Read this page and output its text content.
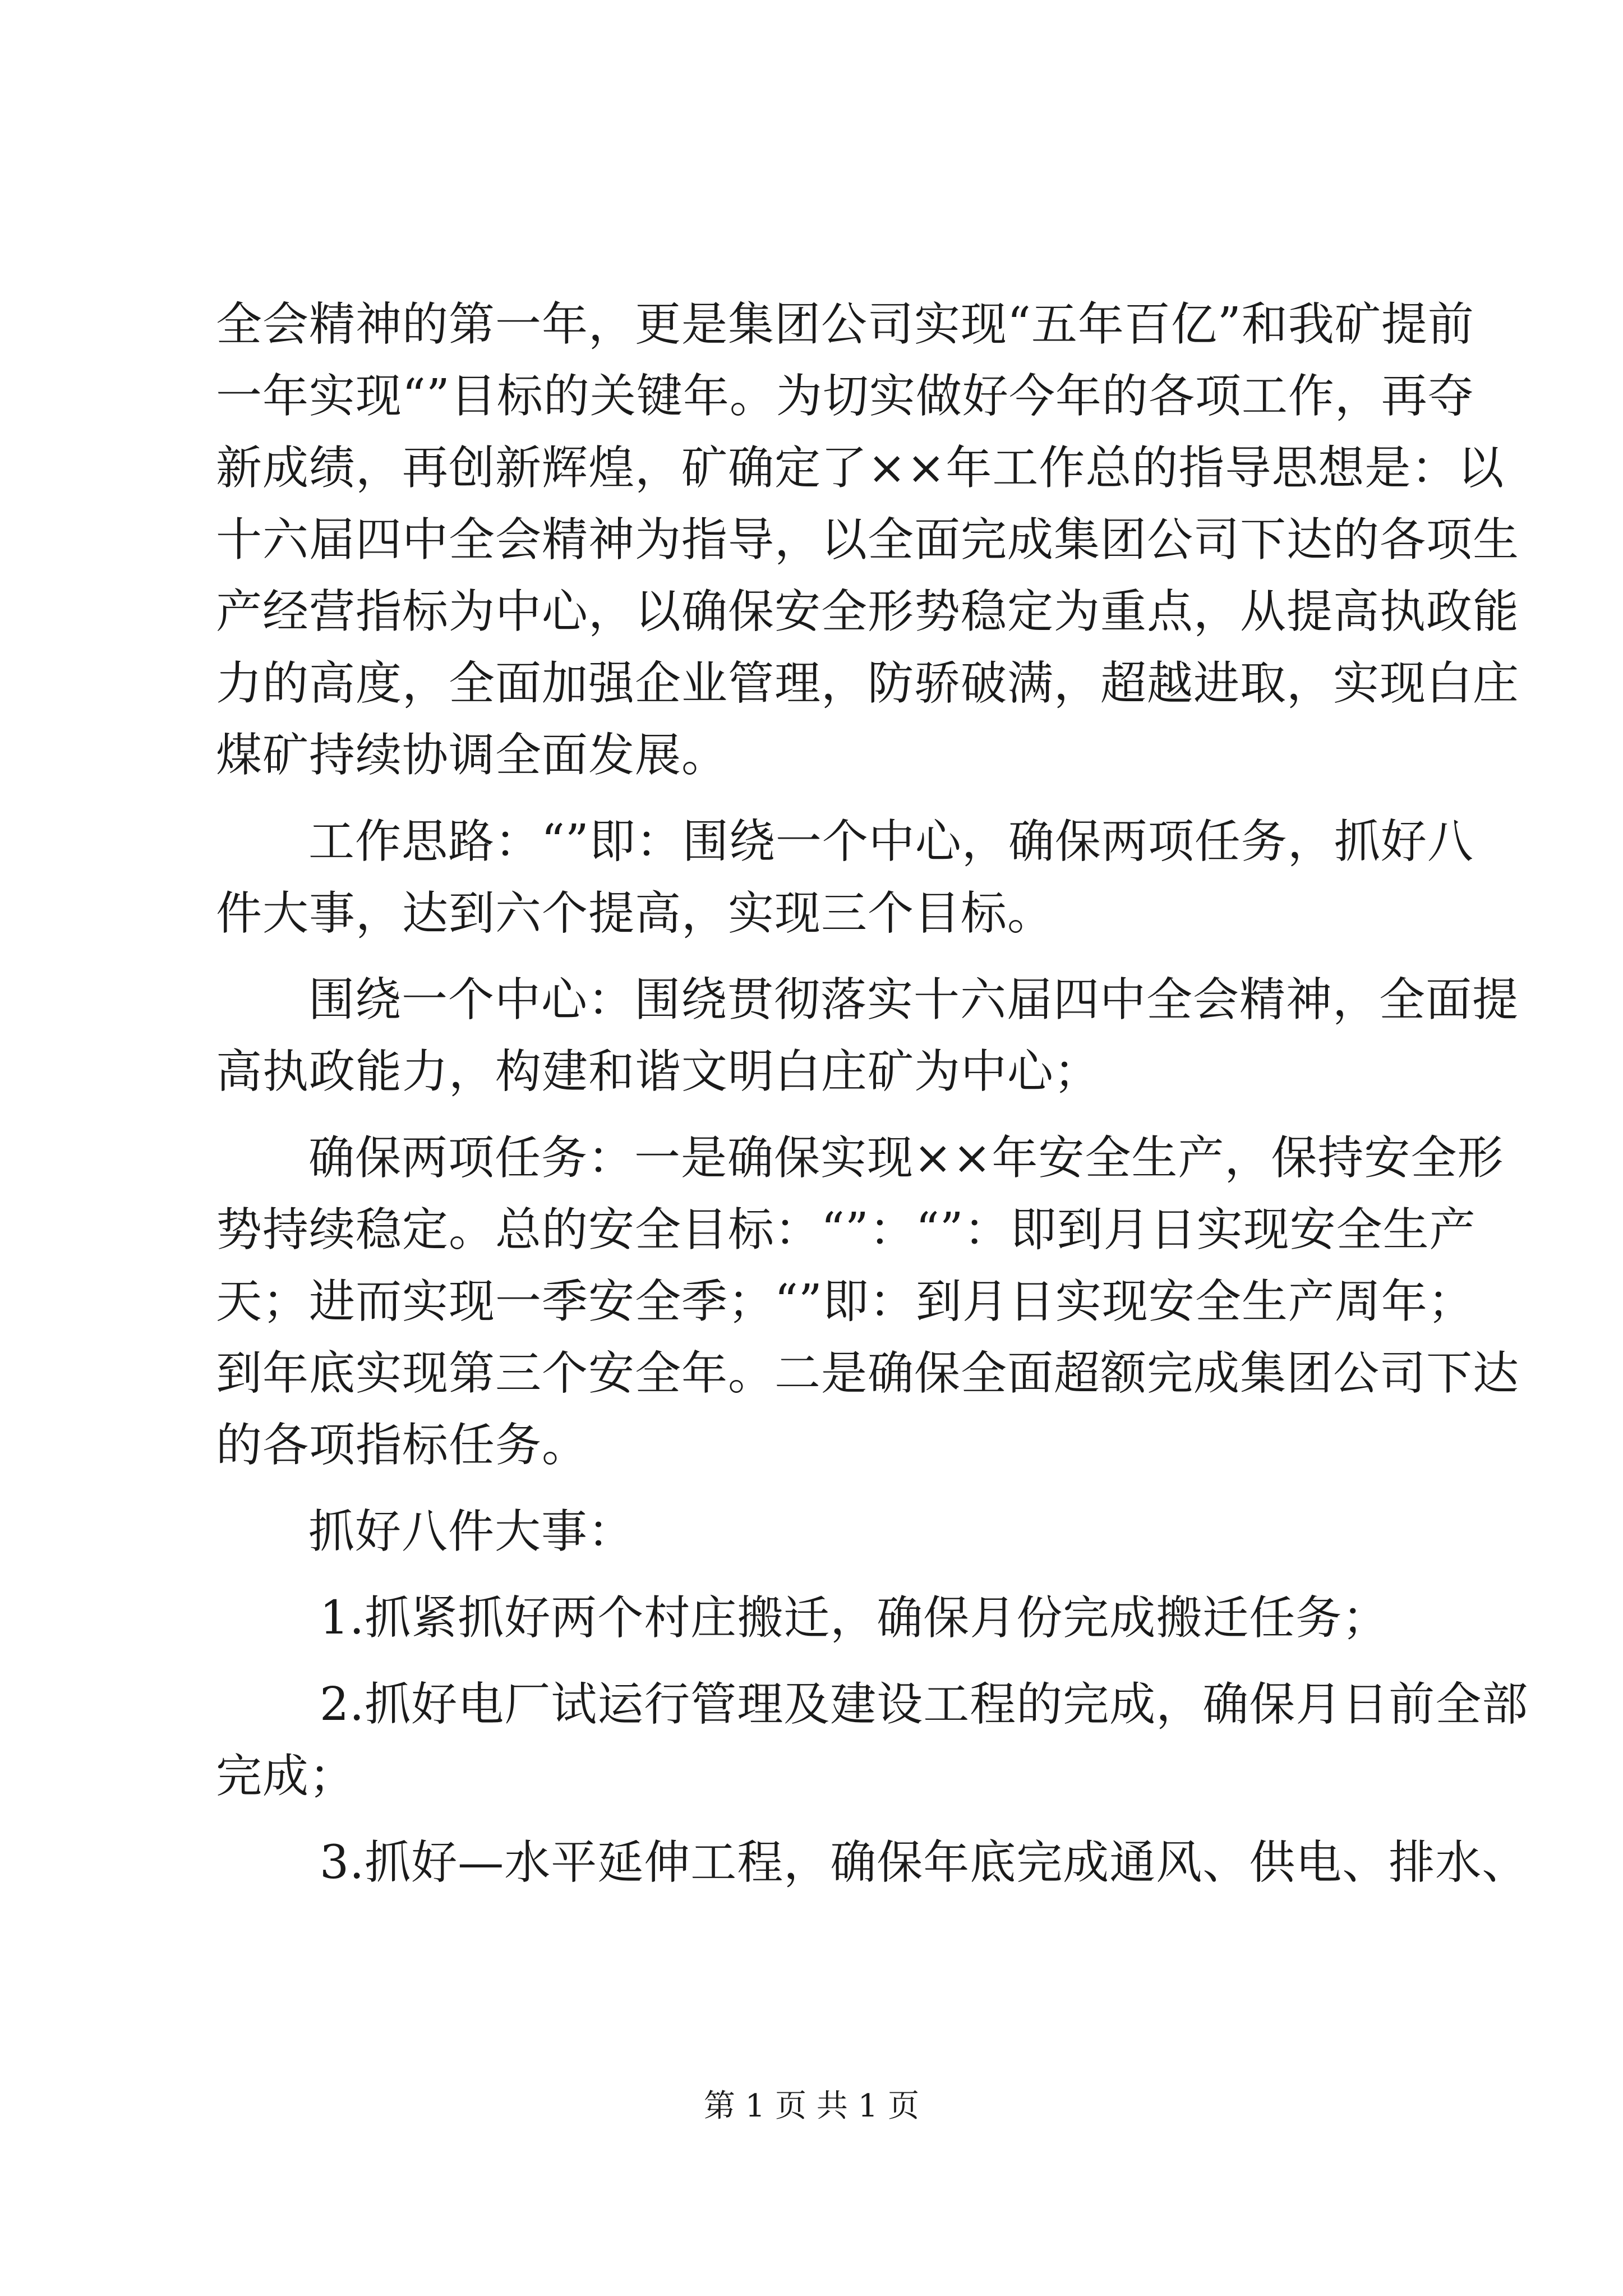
全会精神的第一年，更是集团公司实现“五年百亿”和我矿提前
一年实现“”目标的关键年。为切实做好今年的各项工作，再夺
新成绩，再创新辉煌，矿确定了××年工作总的指导思想是：以
十六届四中全会精神为指导，以全面完成集团公司下达的各项生
产经营指标为中心，以确保安全形势稳定为重点，从提高执政能
力的高度，全面加强企业管理，防骄破满，超越进取，实现白庄
煤矿持续协调全面发展。
工作思路：“”即：围绕一个中心，确保两项任务，抓好八
件大事，达到六个提高，实现三个目标。
围绕一个中心：围绕贯彻落实十六届四中全会精神，全面提
高执政能力，构建和谐文明白庄矿为中心；
确保两项任务：一是确保实现××年安全生产，保持安全形
势持续稳定。总的安全目标：“”：“”：即到月日实现安全生产
天；进而实现一季安全季；“”即：到月日实现安全生产周年；
到年底实现第三个安全年。二是确保全面超额完成集团公司下达
的各项指标任务。
抓好八件大事：
1.抓紧抓好两个村庄搬迁，确保月份完成搬迁任务；
2.抓好电厂试运行管理及建设工程的完成，确保月日前全部
完成；
3.抓好—水平延伸工程，确保年底完成通风、供电、排水、
第 1 页 共 1 页
